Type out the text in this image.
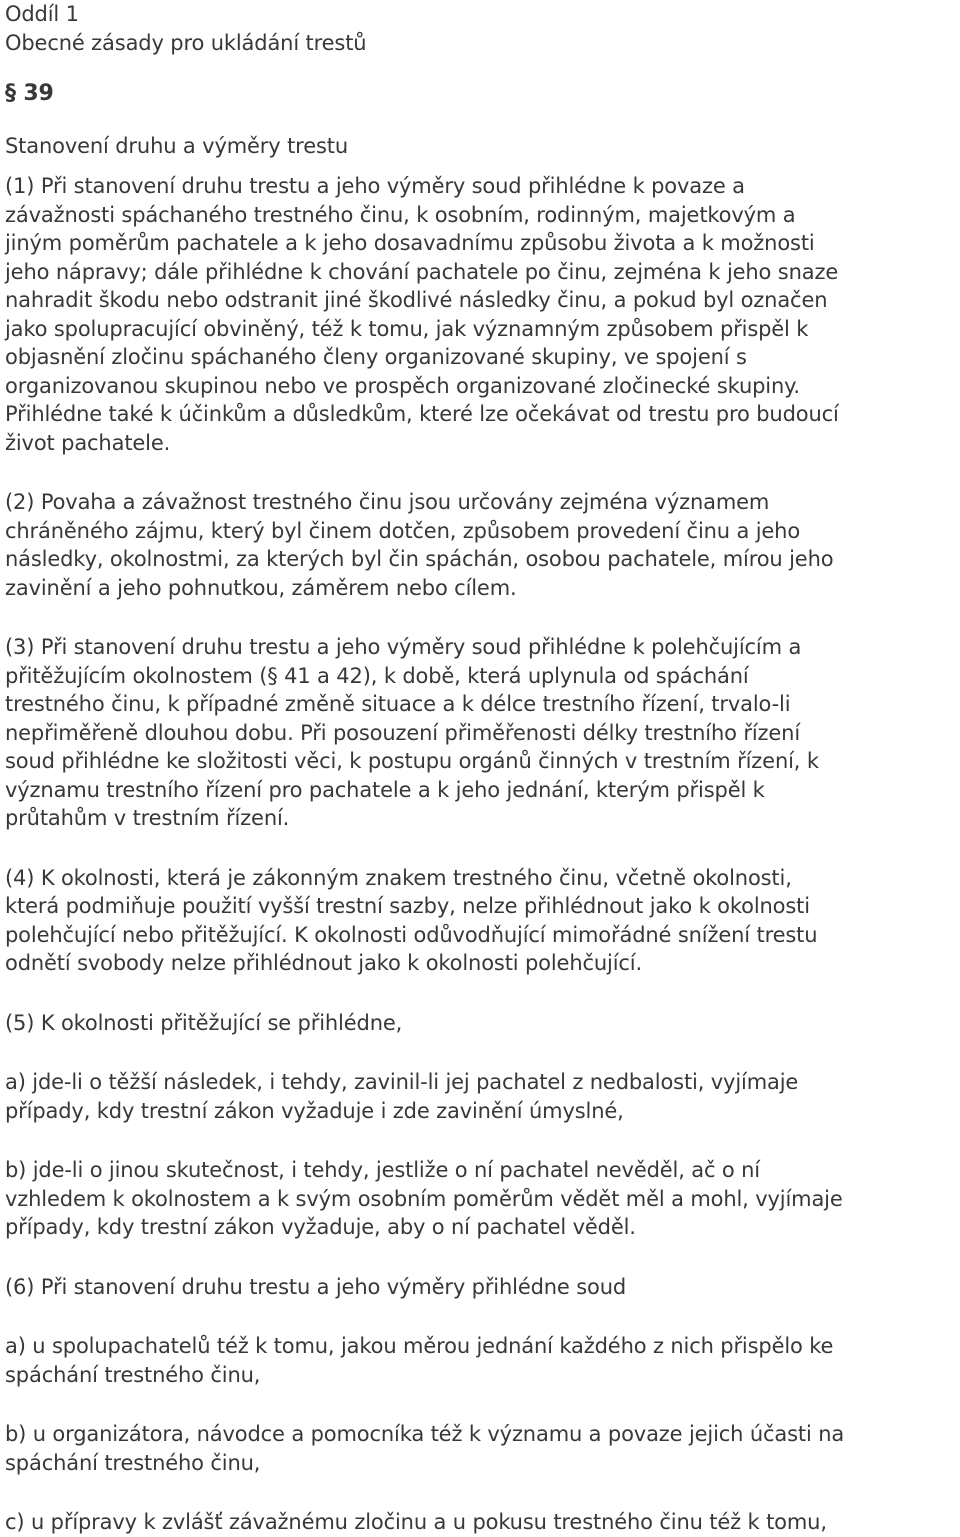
Oddíl 1
Obecné zásady pro ukládání trestů
§ 39
Stanovení druhu a výměry trestu
(1) Při stanovení druhu trestu a jeho výměry soud přihlédne k povaze a
závažnosti spáchaného trestného činu, k osobním, rodinným, majetkovým a
jiným poměrům pachatele a k jeho dosavadnímu způsobu života a k možnosti
jeho nápravy; dále přihlédne k chování pachatele po činu, zejména k jeho snaze
nahradit škodu nebo odstranit jiné škodlivé následky činu, a pokud byl označen
jako spolupracující obviněný, též k tomu, jak významným způsobem přispěl k
objasnění zločinu spáchaného členy organizované skupiny, ve spojení s
organizovanou skupinou nebo ve prospěch organizované zločinecké skupiny.
Přihlédne také k účinkům a důsledkům, které lze očekávat od trestu pro budoucí
život pachatele.
(2) Povaha a závažnost trestného činu jsou určovány zejména významem
chráněného zájmu, který byl činem dotčen, způsobem provedení činu a jeho
následky, okolnostmi, za kterých byl čin spáchán, osobou pachatele, mírou jeho
zavinění a jeho pohnutkou, záměrem nebo cílem.
(3) Při stanovení druhu trestu a jeho výměry soud přihlédne k polehčujícím a
přitěžujícím okolnostem (§ 41 a 42), k době, která uplynula od spáchání
trestného činu, k případné změně situace a k délce trestního řízení, trvalo-li
nepřiměřeně dlouhou dobu. Při posouzení přiměřenosti délky trestního řízení
soud přihlédne ke složitosti věci, k postupu orgánů činných v trestním řízení, k
významu trestního řízení pro pachatele a k jeho jednání, kterým přispěl k
průtahům v trestním řízení.
(4) K okolnosti, která je zákonným znakem trestného činu, včetně okolnosti,
která podmiňuje použití vyšší trestní sazby, nelze přihlédnout jako k okolnosti
polehčující nebo přitěžující. K okolnosti odůvodňující mimořádné snížení trestu
odnětí svobody nelze přihlédnout jako k okolnosti polehčující.
(5) K okolnosti přitěžující se přihlédne,
a) jde-li o těžší následek, i tehdy, zavinil-li jej pachatel z nedbalosti, vyjímaje
případy, kdy trestní zákon vyžaduje i zde zavinění úmyslné,
b) jde-li o jinou skutečnost, i tehdy, jestliže o ní pachatel nevěděl, ač o ní
vzhledem k okolnostem a k svým osobním poměrům vědět měl a mohl, vyjímaje
případy, kdy trestní zákon vyžaduje, aby o ní pachatel věděl.
(6) Při stanovení druhu trestu a jeho výměry přihlédne soud
a) u spolupachatelů též k tomu, jakou měrou jednání každého z nich přispělo ke
spáchání trestného činu,
b) u organizátora, návodce a pomocníka též k významu a povaze jejich účasti na
spáchání trestného činu,
c) u přípravy k zvlášť závažnému zločinu a u pokusu trestného činu též k tomu,
